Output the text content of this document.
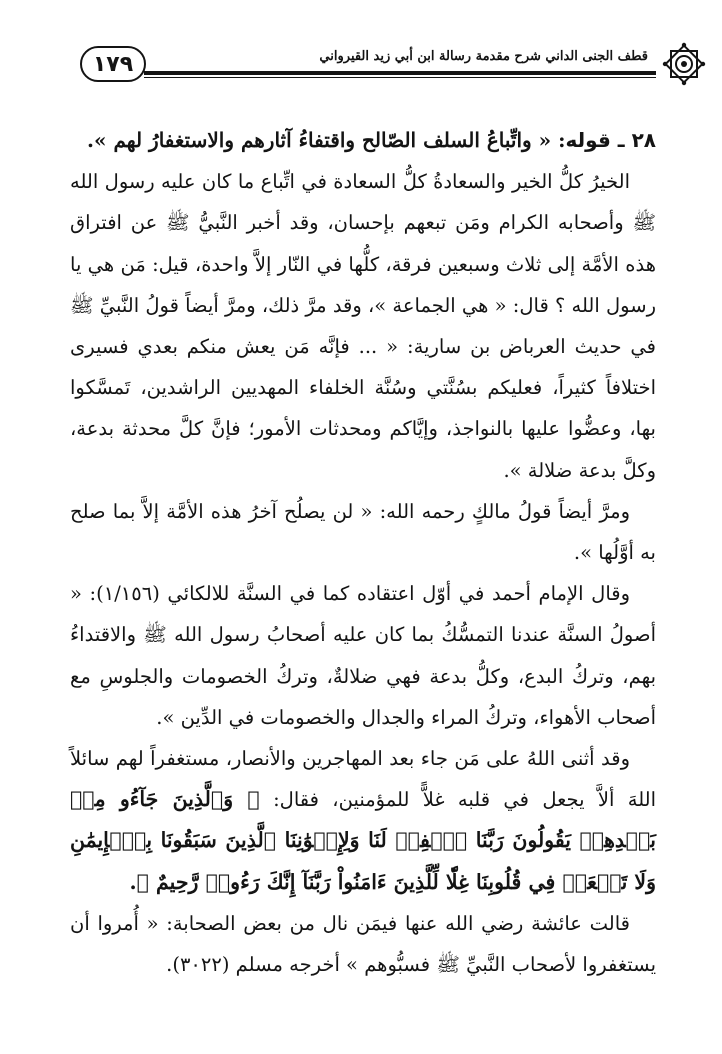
قطف الجنى الداني شرح مقدمة رسالة ابن أبي زيد القيرواني
١٧٩

٢٨ ـ قوله: « واتِّباعُ السلف الصّالح واقتفاءُ آثارهم والاستغفارُ لهم ».

الخيرُ كلُّ الخير والسعادةُ كلُّ السعادة في اتِّباع ما كان عليه رسول الله ﷺ وأصحابه الكرام ومَن تبعهم بإحسان، وقد أخبر النَّبيُّ ﷺ عن افتراق هذه الأمَّة إلى ثلاث وسبعين فرقة، كلُّها في النّار إلاَّ واحدة، قيل: مَن هي يا رسول الله ؟ قال: « هي الجماعة »، وقد مرَّ ذلك، ومرَّ أيضاً قولُ النَّبيِّ ﷺ في حديث العرباض بن سارية: « ... فإنَّه مَن يعش منكم بعدي فسيرى اختلافاً كثيراً، فعليكم بسُنَّتي وسُنَّة الخلفاء المهديين الراشدين، تَمسَّكوا بها، وعضُّوا عليها بالنواجذ، وإيَّاكم ومحدثات الأمور؛ فإنَّ كلَّ محدثة بدعة، وكلَّ بدعة ضلالة ».

ومرَّ أيضاً قولُ مالكٍ رحمه الله: « لن يصلُح آخرُ هذه الأمَّة إلاَّ بما صلح به أوَّلُها ».

وقال الإمام أحمد في أوّل اعتقاده كما في السنَّة للالكائي (١/١٥٦): « أصولُ السنَّة عندنا التمسُّكُ بما كان عليه أصحابُ رسول الله ﷺ والاقتداءُ بهم، وتركُ البدع، وكلُّ بدعة فهي ضلالةٌ، وتركُ الخصومات والجلوسِ مع أصحاب الأهواء، وتركُ المراء والجدال والخصومات في الدِّين ».

وقد أثنى اللهُ على مَن جاء بعد المهاجرين والأنصار، مستغفراً لهم سائلاً اللهَ ألاَّ يجعل في قلبه غلاًّ للمؤمنين، فقال: ﴿ وَٱلَّذِينَ جَآءُو مِنۢ بَعۡدِهِمۡ يَقُولُونَ رَبَّنَا ٱغۡفِرۡ لَنَا وَلِإِخۡوَٰنِنَا ٱلَّذِينَ سَبَقُونَا بِٱلۡإِيمَٰنِ وَلَا تَجۡعَلۡ فِي قُلُوبِنَا غِلّٗا لِّلَّذِينَ ءَامَنُواْ رَبَّنَآ إِنَّكَ رَءُوفٞ رَّحِيمٌ ﴾.

قالت عائشة رضي الله عنها فيمَن نال من بعض الصحابة: « أُمروا أن يستغفروا لأصحاب النَّبيِّ ﷺ فسبُّوهم » أخرجه مسلم (٣٠٢٢).
